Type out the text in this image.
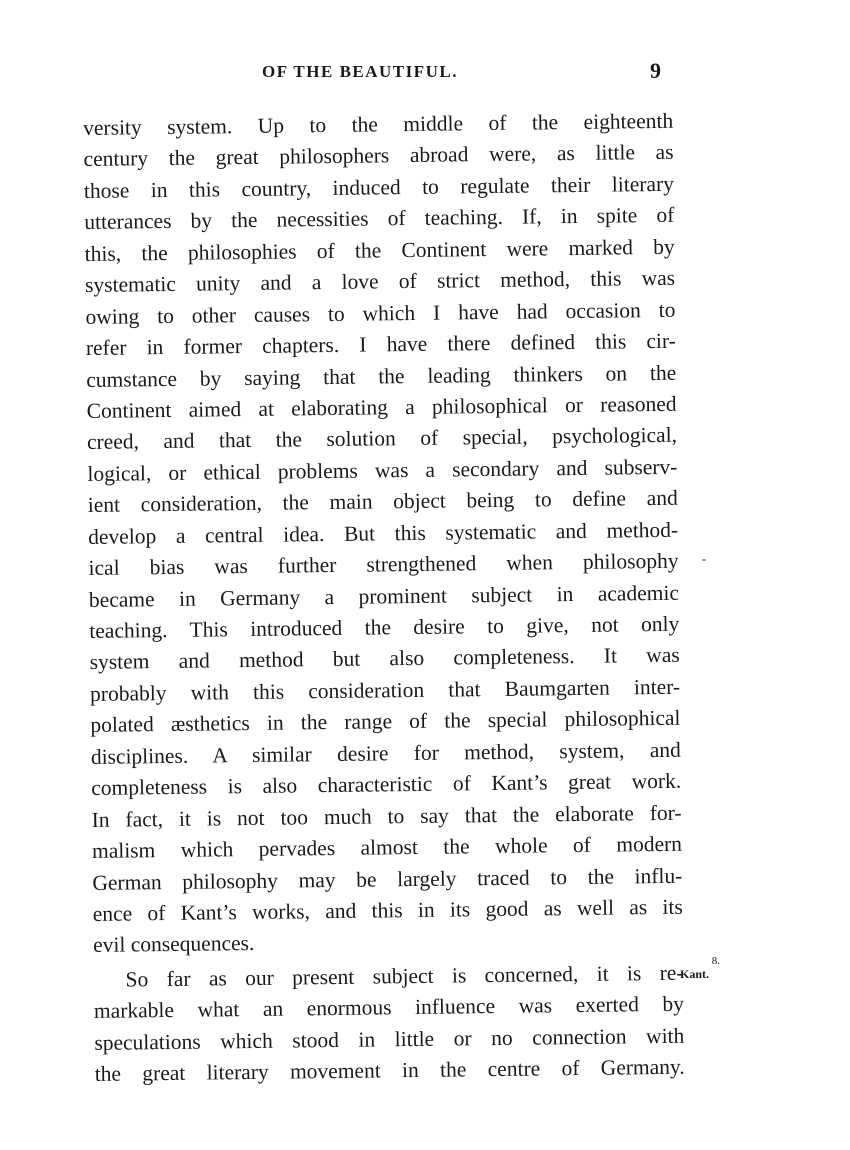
OF THE BEAUTIFUL.	9
versity system. Up to the middle of the eighteenth
century the great philosophers abroad were, as little as
those in this country, induced to regulate their literary
utterances by the necessities of teaching. If, in spite of
this, the philosophies of the Continent were marked by
systematic unity and a love of strict method, this was
owing to other causes to which I have had occasion to
refer in former chapters. I have there defined this cir-
cumstance by saying that the leading thinkers on the
Continent aimed at elaborating a philosophical or reasoned
creed, and that the solution of special, psychological,
logical, or ethical problems was a secondary and subserv-
ient consideration, the main object being to define and
develop a central idea. But this systematic and method-
ical bias was further strengthened when philosophy
became in Germany a prominent subject in academic
teaching. This introduced the desire to give, not only
system and method but also completeness. It was
probably with this consideration that Baumgarten inter-
polated æsthetics in the range of the special philosophical
disciplines. A similar desire for method, system, and
completeness is also characteristic of Kant’s great work.
In fact, it is not too much to say that the elaborate for-
malism which pervades almost the whole of modern
German philosophy may be largely traced to the influ-
ence of Kant’s works, and this in its good as well as its
evil consequences.
So far as our present subject is concerned, it is re-
markable what an enormous influence was exerted by
speculations which stood in little or no connection with
the great literary movement in the centre of Germany.
8.
Kant.
